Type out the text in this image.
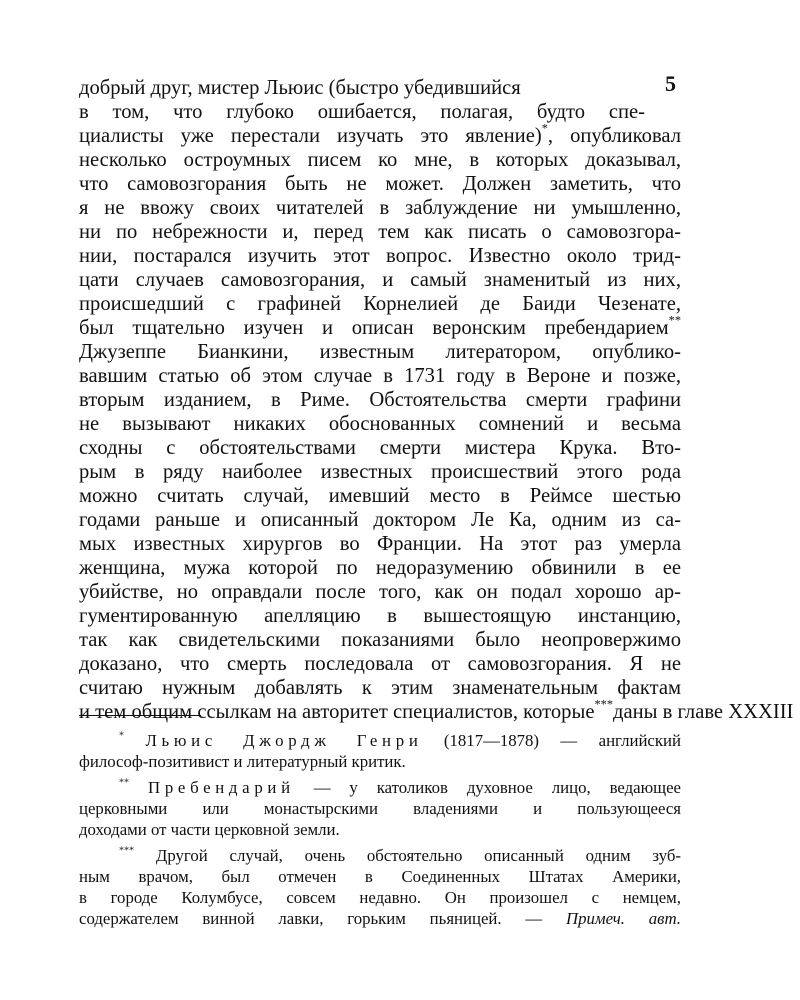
5
добрый друг, мистер Льюис (быстро убедившийся
в том, что глубоко ошибается, полагая, будто спе-
циалисты уже перестали изучать это явление)*, опубликовал
несколько остроумных писем ко мне, в которых доказывал,
что самовозгорания быть не может. Должен заметить, что
я не ввожу своих читателей в заблуждение ни умышленно,
ни по небрежности и, перед тем как писать о самовозгора-
нии, постарался изучить этот вопрос. Известно около трид-
цати случаев самовозгорания, и самый знаменитый из них,
происшедший с графиней Корнелией де Баиди Чезенате,
был тщательно изучен и описан веронским пребендарием**
Джузеппе Бианкини, известным литератором, опублико-
вавшим статью об этом случае в 1731 году в Вероне и позже,
вторым изданием, в Риме. Обстоятельства смерти графини
не вызывают никаких обоснованных сомнений и весьма
сходны с обстоятельствами смерти мистера Крука. Вто-
рым в ряду наиболее известных происшествий этого рода
можно считать случай, имевший место в Реймсе шестью
годами раньше и описанный доктором Ле Ка, одним из са-
мых известных хирургов во Франции. На этот раз умерла
женщина, мужа которой по недоразумению обвинили в ее
убийстве, но оправдали после того, как он подал хорошо ар-
гументированную апелляцию в вышестоящую инстанцию,
так как свидетельскими показаниями было неопровержимо
доказано, что смерть последовала от самовозгорания. Я не
считаю нужным добавлять к этим знаменательным фактам
и тем общим ссылкам на авторитет специалистов, которые***даны в главе XXXIII
* Льюис Джордж Генри (1817—1878) — английский
философ-позитивист и литературный критик.
** Пребендарий — у католиков духовное лицо, ведающее
церковными или монастырскими владениями и пользующееся
доходами от части церковной земли.
*** Другой случай, очень обстоятельно описанный одним зуб-
ным врачом, был отмечен в Соединенных Штатах Америки,
в городе Колумбусе, совсем недавно. Он произошел с немцем,
содержателем винной лавки, горьким пьяницей. — Примеч. авт.
